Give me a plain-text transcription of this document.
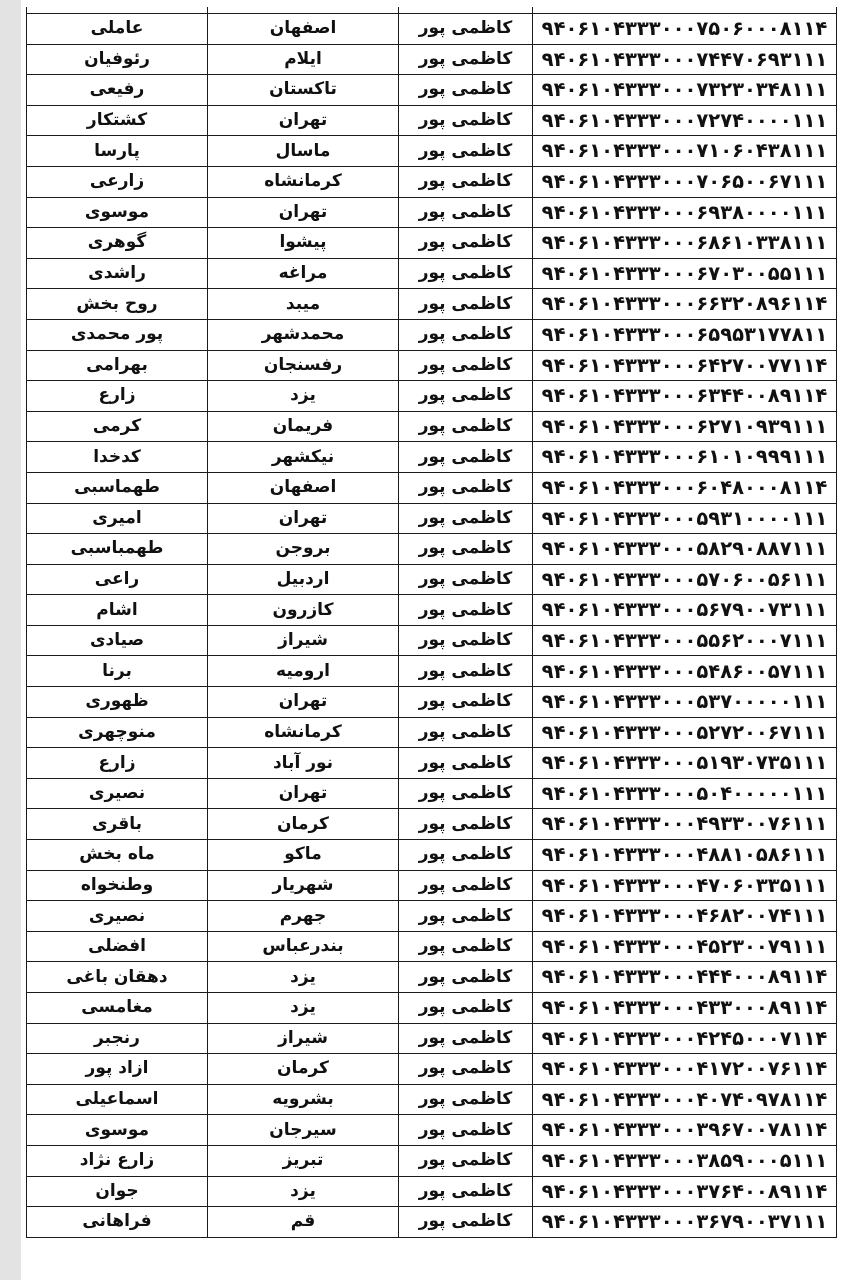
۹۴۰۶۱۰۴۳۳۳۰۰۰۷۵۰۶۰۰۰۸۱۱۴	کاظمی پور	اصفهان	عاملی
۹۴۰۶۱۰۴۳۳۳۰۰۰۷۴۴۷۰۶۹۳۱۱۱	کاظمی پور	ایلام	رئوفیان
۹۴۰۶۱۰۴۳۳۳۰۰۰۷۳۲۳۰۳۴۸۱۱۱	کاظمی پور	تاکستان	رفیعی
۹۴۰۶۱۰۴۳۳۳۰۰۰۷۲۷۴۰۰۰۰۱۱۱	کاظمی پور	تهران	کشتکار
۹۴۰۶۱۰۴۳۳۳۰۰۰۷۱۰۶۰۴۳۸۱۱۱	کاظمی پور	ماسال	پارسا
۹۴۰۶۱۰۴۳۳۳۰۰۰۷۰۶۵۰۰۶۷۱۱۱	کاظمی پور	کرمانشاه	زارعی
۹۴۰۶۱۰۴۳۳۳۰۰۰۶۹۳۸۰۰۰۰۱۱۱	کاظمی پور	تهران	موسوی
۹۴۰۶۱۰۴۳۳۳۰۰۰۶۸۶۱۰۳۳۸۱۱۱	کاظمی پور	پیشوا	گوهری
۹۴۰۶۱۰۴۳۳۳۰۰۰۶۷۰۳۰۰۵۵۱۱۱	کاظمی پور	مراغه	راشدی
۹۴۰۶۱۰۴۳۳۳۰۰۰۶۶۳۲۰۸۹۶۱۱۴	کاظمی پور	میبد	روح بخش
۹۴۰۶۱۰۴۳۳۳۰۰۰۶۵۹۵۳۱۷۷۸۱۱	کاظمی پور	محمدشهر	پور محمدی
۹۴۰۶۱۰۴۳۳۳۰۰۰۶۴۲۷۰۰۷۷۱۱۴	کاظمی پور	رفسنجان	بهرامی
۹۴۰۶۱۰۴۳۳۳۰۰۰۶۳۴۴۰۰۸۹۱۱۴	کاظمی پور	یزد	زارع
۹۴۰۶۱۰۴۳۳۳۰۰۰۶۲۷۱۰۹۳۹۱۱۱	کاظمی پور	فریمان	کرمی
۹۴۰۶۱۰۴۳۳۳۰۰۰۶۱۰۱۰۹۹۹۱۱۱	کاظمی پور	نیکشهر	کدخدا
۹۴۰۶۱۰۴۳۳۳۰۰۰۶۰۴۸۰۰۰۸۱۱۴	کاظمی پور	اصفهان	طهماسبی
۹۴۰۶۱۰۴۳۳۳۰۰۰۵۹۳۱۰۰۰۰۱۱۱	کاظمی پور	تهران	امیری
۹۴۰۶۱۰۴۳۳۳۰۰۰۵۸۲۹۰۸۸۷۱۱۱	کاظمی پور	بروجن	طهمباسبی
۹۴۰۶۱۰۴۳۳۳۰۰۰۵۷۰۶۰۰۵۶۱۱۱	کاظمی پور	اردبیل	راعی
۹۴۰۶۱۰۴۳۳۳۰۰۰۵۶۷۹۰۰۷۳۱۱۱	کاظمی پور	کازرون	اشام
۹۴۰۶۱۰۴۳۳۳۰۰۰۵۵۶۲۰۰۰۷۱۱۱	کاظمی پور	شیراز	صیادی
۹۴۰۶۱۰۴۳۳۳۰۰۰۵۴۸۶۰۰۵۷۱۱۱	کاظمی پور	ارومیه	برنا
۹۴۰۶۱۰۴۳۳۳۰۰۰۵۳۷۰۰۰۰۰۱۱۱	کاظمی پور	تهران	ظهوری
۹۴۰۶۱۰۴۳۳۳۰۰۰۵۲۷۲۰۰۶۷۱۱۱	کاظمی پور	کرمانشاه	منوچهری
۹۴۰۶۱۰۴۳۳۳۰۰۰۵۱۹۳۰۷۳۵۱۱۱	کاظمی پور	نور آباد	زارع
۹۴۰۶۱۰۴۳۳۳۰۰۰۵۰۴۰۰۰۰۰۱۱۱	کاظمی پور	تهران	نصیری
۹۴۰۶۱۰۴۳۳۳۰۰۰۴۹۳۳۰۰۷۶۱۱۱	کاظمی پور	کرمان	باقری
۹۴۰۶۱۰۴۳۳۳۰۰۰۴۸۸۱۰۵۸۶۱۱۱	کاظمی پور	ماکو	ماه بخش
۹۴۰۶۱۰۴۳۳۳۰۰۰۴۷۰۶۰۳۳۵۱۱۱	کاظمی پور	شهریار	وطنخواه
۹۴۰۶۱۰۴۳۳۳۰۰۰۴۶۸۲۰۰۷۴۱۱۱	کاظمی پور	جهرم	نصیری
۹۴۰۶۱۰۴۳۳۳۰۰۰۴۵۲۳۰۰۷۹۱۱۱	کاظمی پور	بندرعباس	افضلی
۹۴۰۶۱۰۴۳۳۳۰۰۰۴۴۴۰۰۰۸۹۱۱۴	کاظمی پور	یزد	دهقان باغی
۹۴۰۶۱۰۴۳۳۳۰۰۰۴۳۳۰۰۰۸۹۱۱۴	کاظمی پور	یزد	مغامسی
۹۴۰۶۱۰۴۳۳۳۰۰۰۴۲۴۵۰۰۰۷۱۱۴	کاظمی پور	شیراز	رنجبر
۹۴۰۶۱۰۴۳۳۳۰۰۰۴۱۷۲۰۰۷۶۱۱۴	کاظمی پور	کرمان	ازاد پور
۹۴۰۶۱۰۴۳۳۳۰۰۰۴۰۷۴۰۹۷۸۱۱۴	کاظمی پور	بشرویه	اسماعیلی
۹۴۰۶۱۰۴۳۳۳۰۰۰۳۹۶۷۰۰۷۸۱۱۴	کاظمی پور	سیرجان	موسوی
۹۴۰۶۱۰۴۳۳۳۰۰۰۳۸۵۹۰۰۰۵۱۱۱	کاظمی پور	تبریز	زارع نژاد
۹۴۰۶۱۰۴۳۳۳۰۰۰۳۷۶۴۰۰۸۹۱۱۴	کاظمی پور	یزد	جوان
۹۴۰۶۱۰۴۳۳۳۰۰۰۳۶۷۹۰۰۳۷۱۱۱	کاظمی پور	قم	فراهانی
